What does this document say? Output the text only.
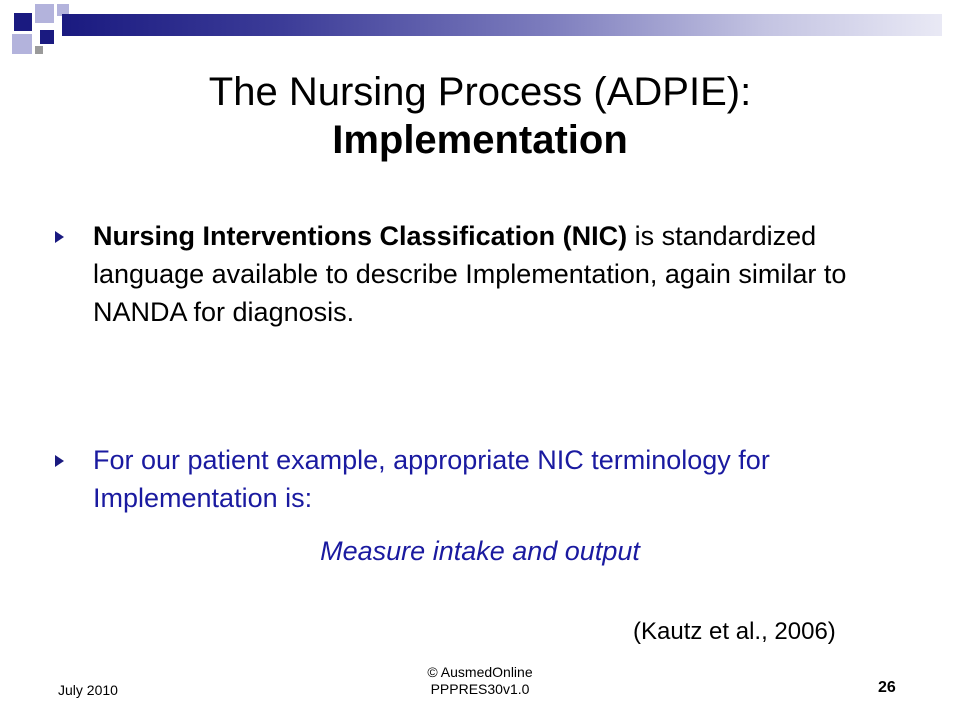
The Nursing Process (ADPIE):
Implementation
Nursing Interventions Classification (NIC) is standardized language available to describe Implementation, again similar to NANDA for diagnosis.
For our patient example, appropriate NIC terminology for Implementation is:
Measure intake and output
(Kautz et al., 2006)
July 2010
© AusmedOnline
PPPRES30v1.0	26
